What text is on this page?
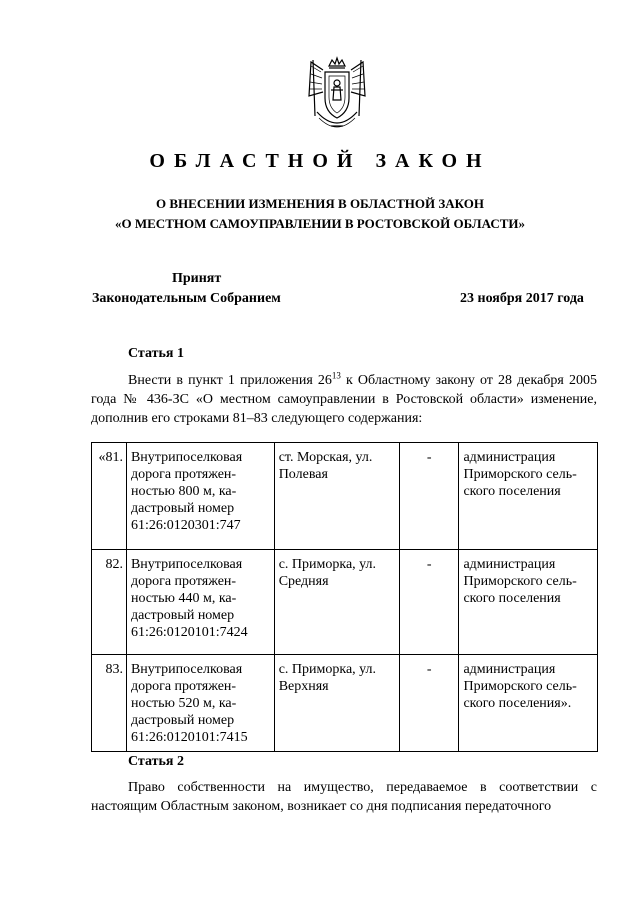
ОБЛАСТНОЙ ЗАКОН
О ВНЕСЕНИИ ИЗМЕНЕНИЯ В ОБЛАСТНОЙ ЗАКОН
«О МЕСТНОМ САМОУПРАВЛЕНИИ В РОСТОВСКОЙ ОБЛАСТИ»
Принят
Законодательным Собранием	23 ноября 2017 года
Статья 1

Внести в пункт 1 приложения $26^{13}$ к Областному закону от 28 декабря 2005 года № 436-ЗС «О местном самоуправлении в Ростовской области» изменение, дополнив его строками 81–83 следующего содержания:

«81.	Внутрипоселковая дорога протяжен-ностью 800 м, ка-дастровый номер 61:26:0120301:747	ст. Морская, ул. Полевая	-	администрация Приморского сель-ского поселения
82.	Внутрипоселковая дорога протяжен-ностью 440 м, ка-дастровый номер 61:26:0120101:7424	с. Приморка, ул. Средняя	-	администрация Приморского сель-ского поселения
83.	Внутрипоселковая дорога протяжен-ностью 520 м, ка-дастровый номер 61:26:0120101:7415	с. Приморка, ул. Верхняя	-	администрация Приморского сель-ского поселения».
Статья 2

Право собственности на имущество, передаваемое в соответствии с настоящим Областным законом, возникает со дня подписания передаточного
